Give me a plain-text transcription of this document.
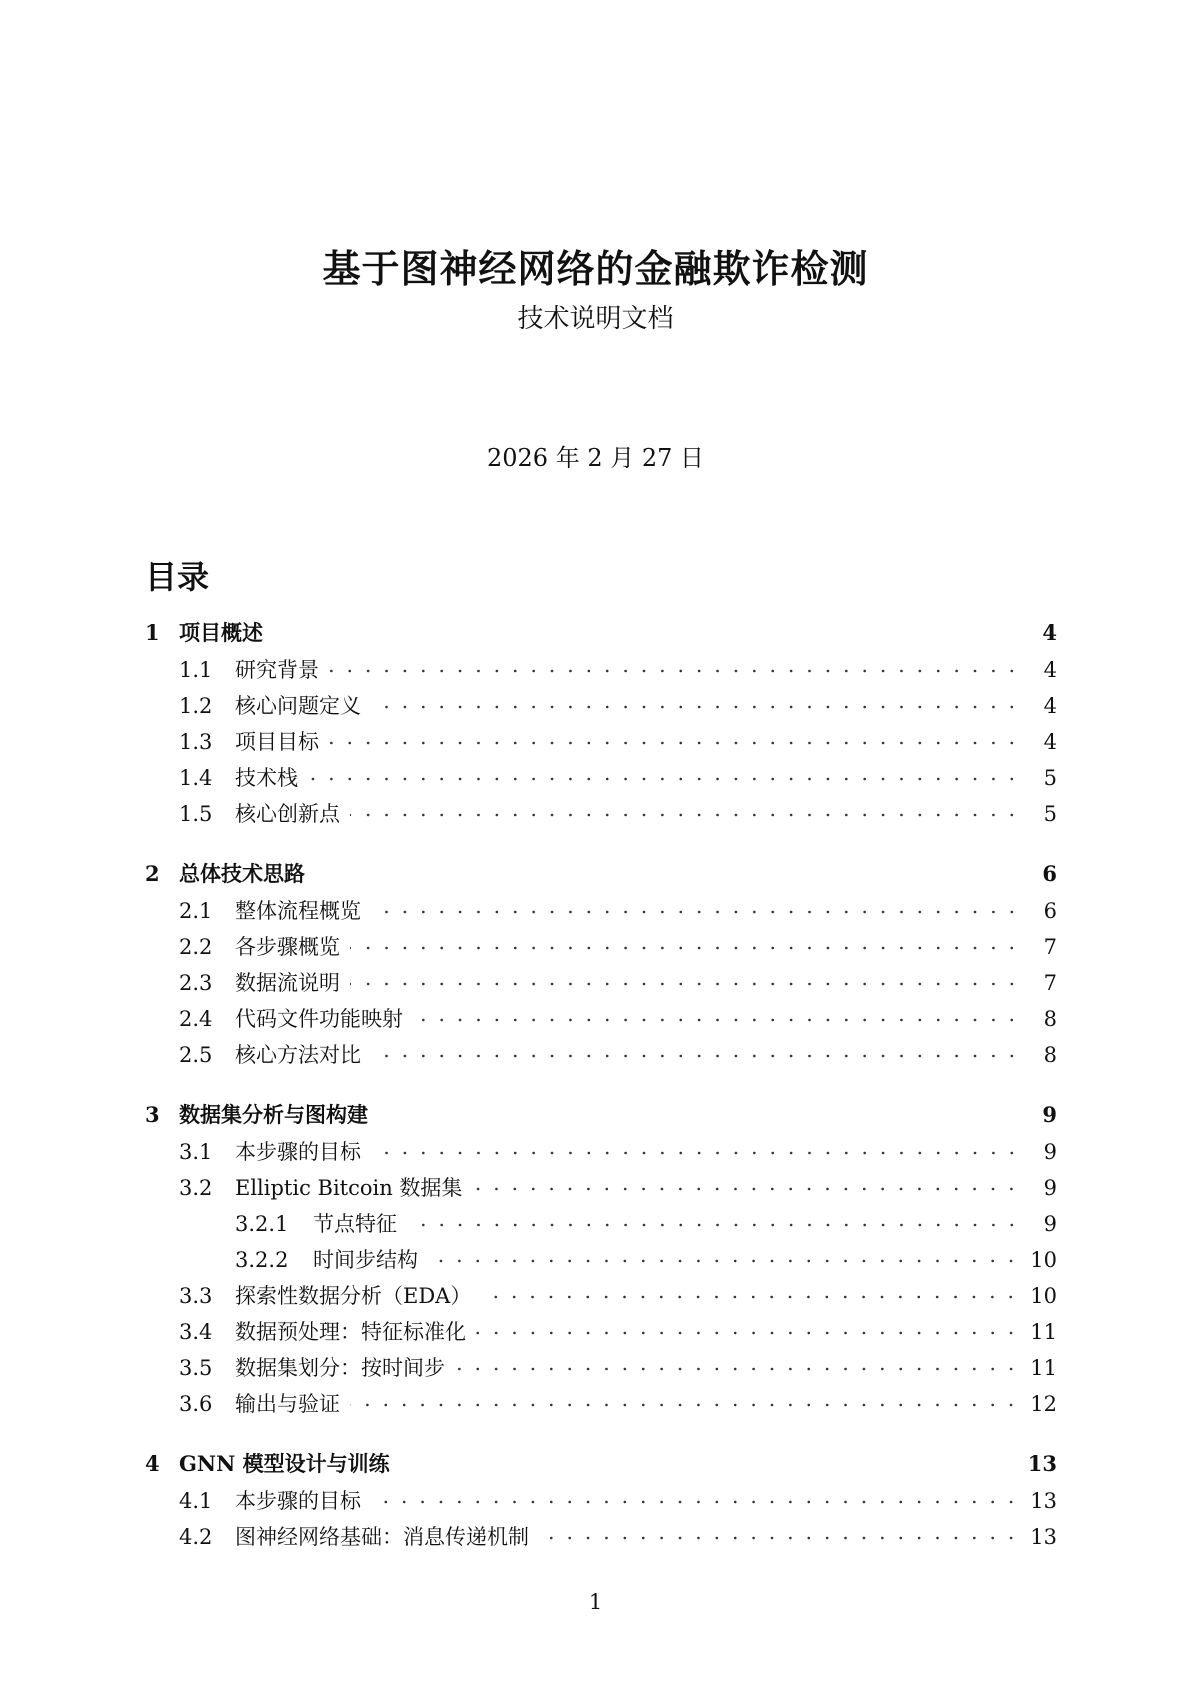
基于图神经网络的金融欺诈检测
技术说明文档
2026 年 2 月 27 日
目录
1 项目概述	4
1.1	研究背景	4
1.2	核心问题定义	4
1.3	项目目标	4
1.4	技术栈	5
1.5	核心创新点	5
2 总体技术思路	6
2.1	整体流程概览	6
2.2	各步骤概览	7
2.3	数据流说明	7
2.4	代码文件功能映射	8
2.5	核心方法对比	8
3 数据集分析与图构建	9
3.1	本步骤的目标	9
3.2	Elliptic Bitcoin 数据集	9
3.2.1	节点特征	9
3.2.2	时间步结构	10
3.3	探索性数据分析（EDA）	10
3.4	数据预处理：特征标准化	11
3.5	数据集划分：按时间步	11
3.6	输出与验证	12
4 GNN 模型设计与训练	13
4.1	本步骤的目标	13
4.2	图神经网络基础：消息传递机制	13
1
